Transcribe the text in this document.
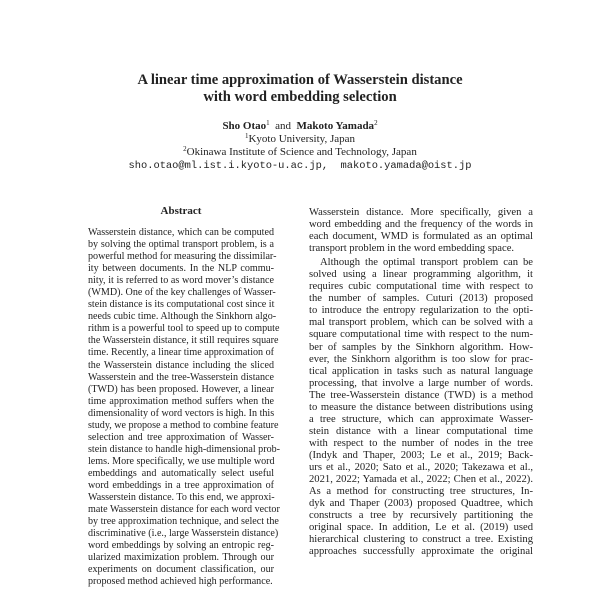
A linear time approximation of Wasserstein distance
with word embedding selection
Sho Otao$^1$ and Makoto Yamada$^2$
$^1$Kyoto University, Japan
$^2$Okinawa Institute of Science and Technology, Japan
sho.otao@ml.ist.i.kyoto-u.ac.jp,  makoto.yamada@oist.jp
Abstract
Wasserstein distance, which can be computed
by solving the optimal transport problem, is a
powerful method for measuring the dissimilar-
ity between documents. In the NLP commu-
nity, it is referred to as word mover’s distance
(WMD). One of the key challenges of Wasser-
stein distance is its computational cost since it
needs cubic time. Although the Sinkhorn algo-
rithm is a powerful tool to speed up to compute
the Wasserstein distance, it still requires square
time. Recently, a linear time approximation of
the Wasserstein distance including the sliced
Wasserstein and the tree-Wasserstein distance
(TWD) has been proposed. However, a linear
time approximation method suffers when the
dimensionality of word vectors is high. In this
study, we propose a method to combine feature
selection and tree approximation of Wasser-
stein distance to handle high-dimensional prob-
lems. More specifically, we use multiple word
embeddings and automatically select useful
word embeddings in a tree approximation of
Wasserstein distance. To this end, we approxi-
mate Wasserstein distance for each word vector
by tree approximation technique, and select the
discriminative (i.e., large Wasserstein distance)
word embeddings by solving an entropic reg-
ularized maximization problem. Through our
experiments on document classification, our
proposed method achieved high performance.
Wasserstein distance. More specifically, given a
word embedding and the frequency of the words in
each document, WMD is formulated as an optimal
transport problem in the word embedding space.
Although the optimal transport problem can be
solved using a linear programming algorithm, it
requires cubic computational time with respect to
the number of samples. Cuturi (2013) proposed
to introduce the entropy regularization to the opti-
mal transport problem, which can be solved with a
square computational time with respect to the num-
ber of samples by the Sinkhorn algorithm. How-
ever, the Sinkhorn algorithm is too slow for prac-
tical application in tasks such as natural language
processing, that involve a large number of words.
The tree-Wasserstein distance (TWD) is a method
to measure the distance between distributions using
a tree structure, which can approximate Wasser-
stein distance with a linear computational time
with respect to the number of nodes in the tree
(Indyk and Thaper, 2003; Le et al., 2019; Back-
urs et al., 2020; Sato et al., 2020; Takezawa et al.,
2021, 2022; Yamada et al., 2022; Chen et al., 2022).
As a method for constructing tree structures, In-
dyk and Thaper (2003) proposed Quadtree, which
constructs a tree by recursively partitioning the
original space. In addition, Le et al. (2019) used
hierarchical clustering to construct a tree. Existing
approaches successfully approximate the original
